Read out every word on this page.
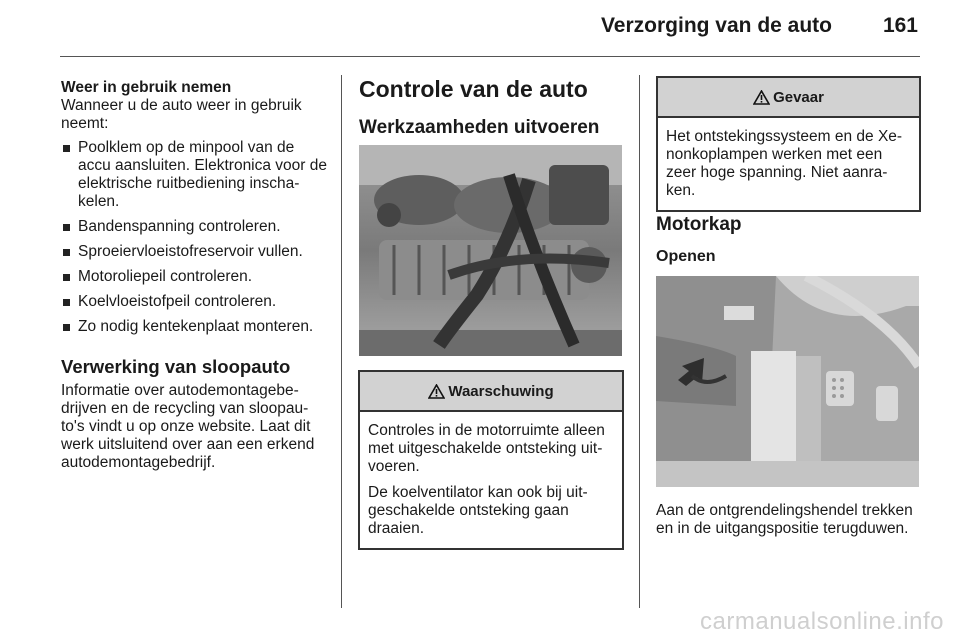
Verzorging van de auto 161
Weer in gebruik nemen
Wanneer u de auto weer in gebruik neemt:
Poolklem op de minpool van de accu aansluiten. Elektronica voor de elektrische ruitbediening inscha-kelen.
Bandenspanning controleren.
Sproeiervloeistofreservoir vullen.
Motoroliepeil controleren.
Koelvloeistofpeil controleren.
Zo nodig kentekenplaat monteren.
Verwerking van sloopauto
Informatie over autodemontagebe-drijven en de recycling van sloopau-to's vindt u op onze website. Laat dit werk uitsluitend over aan een erkend autodemontagebedrijf.
Controle van de auto
Werkzaamheden uitvoeren
Waarschuwing

Controles in de motorruimte alleen met uitgeschakelde ontsteking uit-voeren.

De koelventilator kan ook bij uit-geschakelde ontsteking gaan draaien.

Gevaar

Het ontstekingssysteem en de Xe-nonkoplampen werken met een zeer hoge spanning. Niet aanra-ken.

Motorkap
Openen
Aan de ontgrendelingshendel trekken en in de uitgangspositie terugduwen.
carmanualsonline.info
